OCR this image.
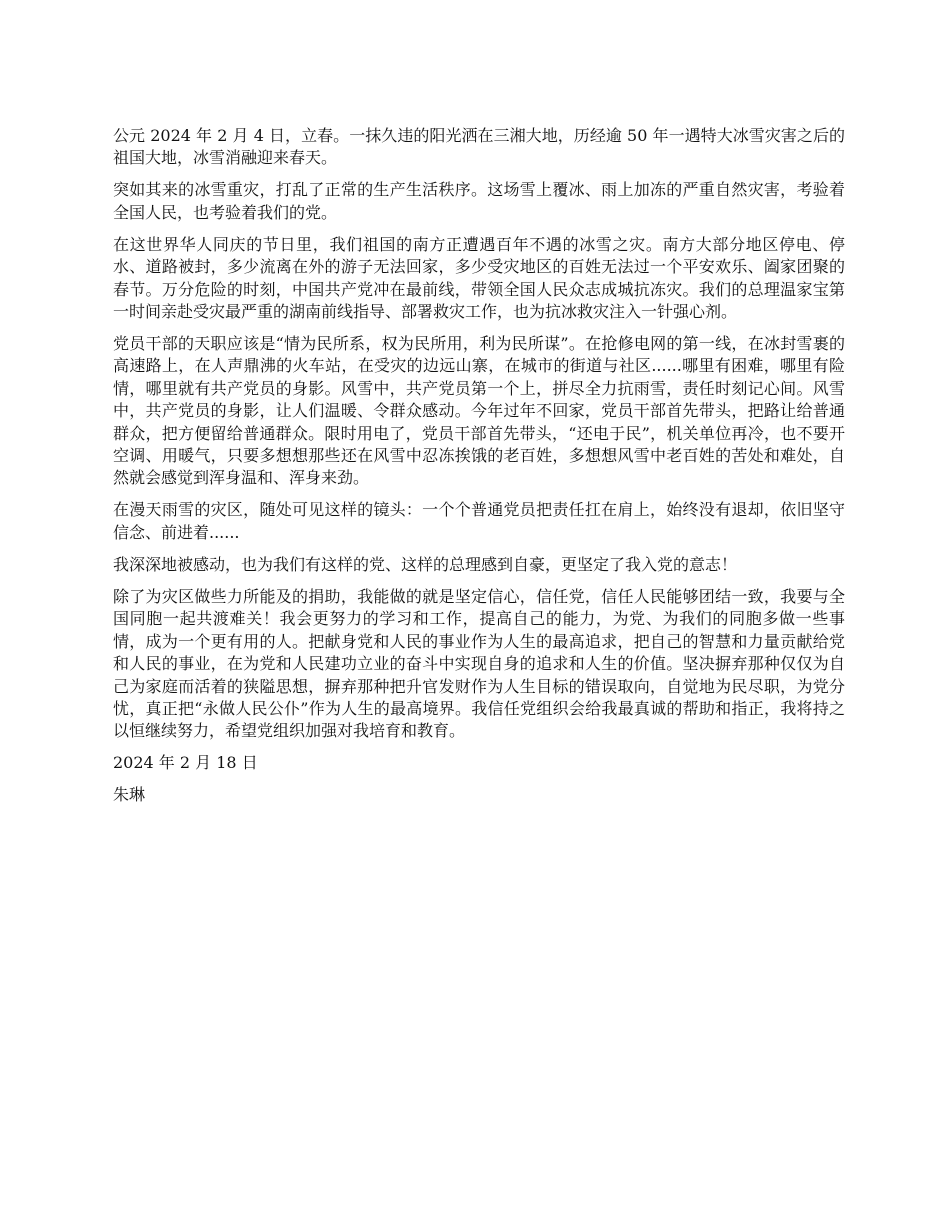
公元 2024 年 2 月 4 日，立春。一抹久违的阳光洒在三湘大地，历经逾 50 年一遇特大冰雪灾害之后的祖国大地，冰雪消融迎来春天。

突如其来的冰雪重灾，打乱了正常的生产生活秩序。这场雪上覆冰、雨上加冻的严重自然灾害，考验着全国人民，也考验着我们的党。

在这世界华人同庆的节日里，我们祖国的南方正遭遇百年不遇的冰雪之灾。南方大部分地区停电、停水、道路被封，多少流离在外的游子无法回家，多少受灾地区的百姓无法过一个平安欢乐、阖家团聚的春节。万分危险的时刻，中国共产党冲在最前线，带领全国人民众志成城抗冻灾。我们的总理温家宝第一时间亲赴受灾最严重的湖南前线指导、部署救灾工作，也为抗冰救灾注入一针强心剂。

党员干部的天职应该是“情为民所系，权为民所用，利为民所谋”。在抢修电网的第一线，在冰封雪裹的高速路上，在人声鼎沸的火车站，在受灾的边远山寨，在城市的街道与社区......哪里有困难，哪里有险情，哪里就有共产党员的身影。风雪中，共产党员第一个上，拼尽全力抗雨雪，责任时刻记心间。风雪中，共产党员的身影，让人们温暖、令群众感动。今年过年不回家，党员干部首先带头，把路让给普通群众，把方便留给普通群众。限时用电了，党员干部首先带头，“还电于民”，机关单位再冷，也不要开空调、用暖气，只要多想想那些还在风雪中忍冻挨饿的老百姓，多想想风雪中老百姓的苦处和难处，自然就会感觉到浑身温和、浑身来劲。

在漫天雨雪的灾区，随处可见这样的镜头：一个个普通党员把责任扛在肩上，始终没有退却，依旧坚守信念、前进着......

我深深地被感动，也为我们有这样的党、这样的总理感到自豪，更坚定了我入党的意志！

除了为灾区做些力所能及的捐助，我能做的就是坚定信心，信任党，信任人民能够团结一致，我要与全国同胞一起共渡难关！我会更努力的学习和工作，提高自己的能力，为党、为我们的同胞多做一些事情，成为一个更有用的人。把献身党和人民的事业作为人生的最高追求，把自己的智慧和力量贡献给党和人民的事业，在为党和人民建功立业的奋斗中实现自身的追求和人生的价值。坚决摒弃那种仅仅为自己为家庭而活着的狭隘思想，摒弃那种把升官发财作为人生目标的错误取向，自觉地为民尽职，为党分忧，真正把“永做人民公仆”作为人生的最高境界。我信任党组织会给我最真诚的帮助和指正，我将持之以恒继续努力，希望党组织加强对我培育和教育。

2024 年 2 月 18 日

朱琳
